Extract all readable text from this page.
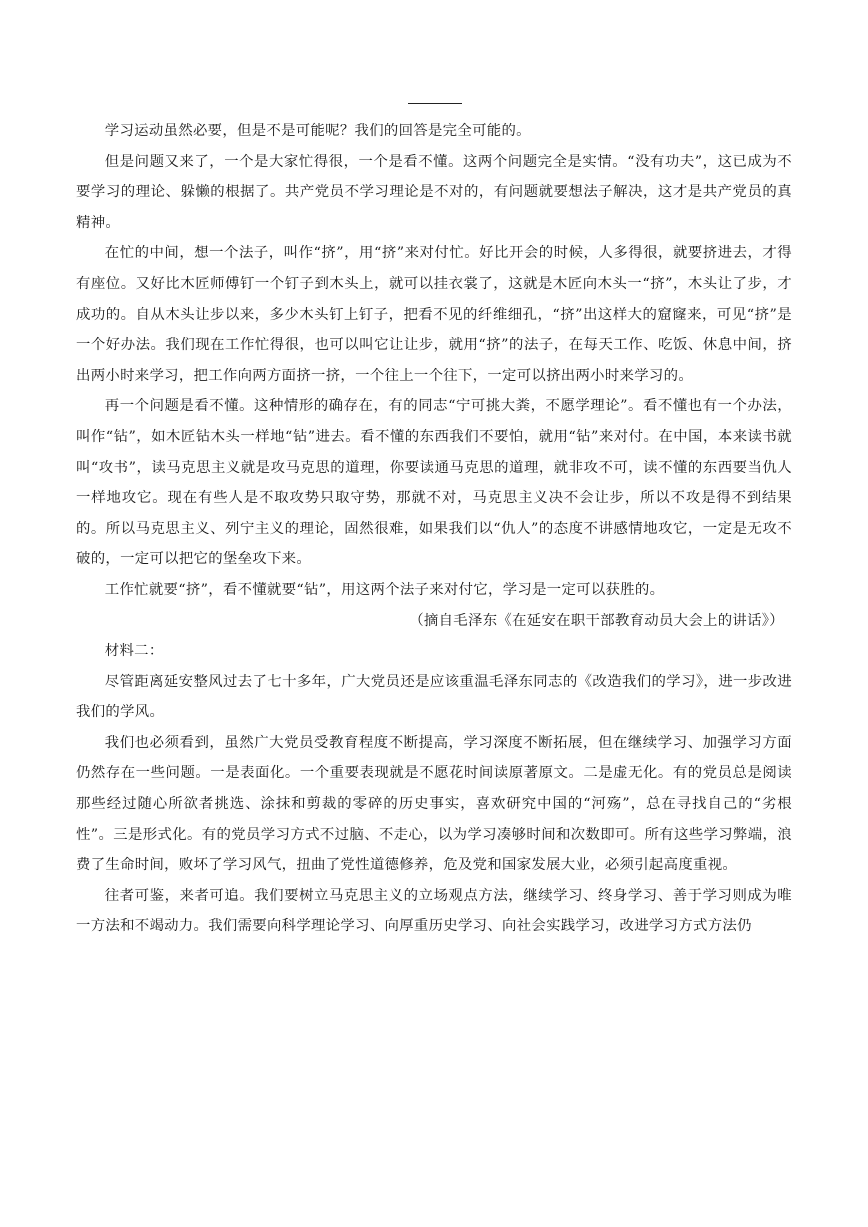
学习运动虽然必要，但是不是可能呢？我们的回答是完全可能的。

但是问题又来了，一个是大家忙得很，一个是看不懂。这两个问题完全是实情。“没有功夫”，这已成为不要学习的理论、躲懒的根据了。共产党员不学习理论是不对的，有问题就要想法子解决，这才是共产党员的真精神。

在忙的中间，想一个法子，叫作“挤”，用“挤”来对付忙。好比开会的时候，人多得很，就要挤进去，才得有座位。又好比木匠师傅钉一个钉子到木头上，就可以挂衣裳了，这就是木匠向木头一“挤”，木头让了步，才成功的。自从木头让步以来，多少木头钉上钉子，把看不见的纤维细孔，“挤”出这样大的窟窿来，可见“挤”是一个好办法。我们现在工作忙得很，也可以叫它让让步，就用“挤”的法子，在每天工作、吃饭、休息中间，挤出两小时来学习，把工作向两方面挤一挤，一个往上一个往下，一定可以挤出两小时来学习的。

再一个问题是看不懂。这种情形的确存在，有的同志“宁可挑大粪，不愿学理论”。看不懂也有一个办法，叫作“钻”，如木匠钻木头一样地“钻”进去。看不懂的东西我们不要怕，就用“钻”来对付。在中国，本来读书就叫“攻书”，读马克思主义就是攻马克思的道理，你要读通马克思的道理，就非攻不可，读不懂的东西要当仇人一样地攻它。现在有些人是不取攻势只取守势，那就不对，马克思主义决不会让步，所以不攻是得不到结果的。所以马克思主义、列宁主义的理论，固然很难，如果我们以“仇人”的态度不讲感情地攻它，一定是无攻不破的，一定可以把它的堡垒攻下来。

工作忙就要“挤”，看不懂就要“钻”，用这两个法子来对付它，学习是一定可以获胜的。

（摘自毛泽东《在延安在职干部教育动员大会上的讲话》）

材料二：

尽管距离延安整风过去了七十多年，广大党员还是应该重温毛泽东同志的《改造我们的学习》，进一步改进我们的学风。

我们也必须看到，虽然广大党员受教育程度不断提高，学习深度不断拓展，但在继续学习、加强学习方面仍然存在一些问题。一是表面化。一个重要表现就是不愿花时间读原著原文。二是虚无化。有的党员总是阅读那些经过随心所欲者挑选、涂抹和剪裁的零碎的历史事实，喜欢研究中国的“河殇”，总在寻找自己的“劣根性”。三是形式化。有的党员学习方式不过脑、不走心，以为学习凑够时间和次数即可。所有这些学习弊端，浪费了生命时间，败坏了学习风气，扭曲了党性道德修养，危及党和国家发展大业，必须引起高度重视。

往者可鉴，来者可追。我们要树立马克思主义的立场观点方法，继续学习、终身学习、善于学习则成为唯一方法和不竭动力。我们需要向科学理论学习、向厚重历史学习、向社会实践学习，改进学习方式方法仍
